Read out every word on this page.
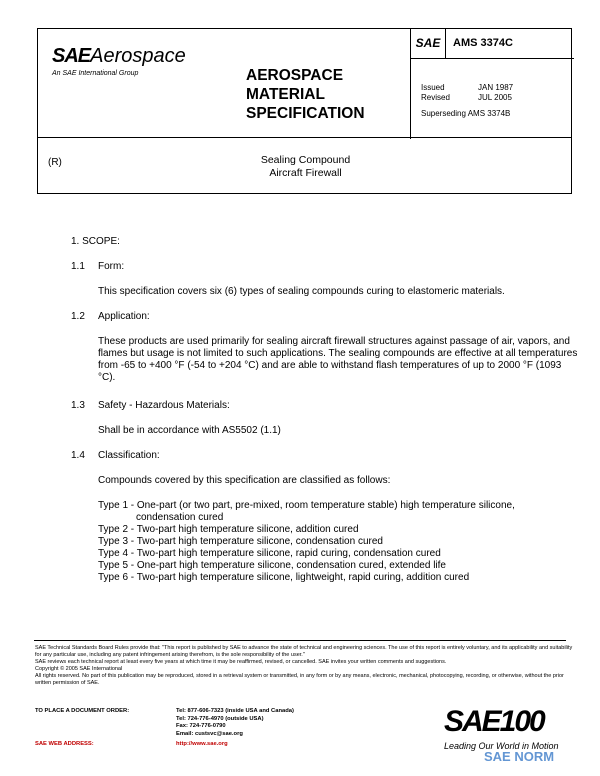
SAEAerospace
An SAE International Group	AEROSPACE MATERIAL SPECIFICATION
SAE	AMS 3374C
Issued	JAN 1987
Revised	JUL 2005
Superseding AMS 3374B
(R)	Sealing Compound
Aircraft Firewall
1. SCOPE:
1.1 Form:
This specification covers six (6) types of sealing compounds curing to elastomeric materials.
1.2 Application:
These products are used primarily for sealing aircraft firewall structures against passage of air, vapors, and flames but usage is not limited to such applications. The sealing compounds are effective at all temperatures from -65 to +400 °F (-54 to +204 °C) and are able to withstand flash temperatures of up to 2000 °F (1093 °C).
1.3 Safety - Hazardous Materials:
Shall be in accordance with AS5502 (1.1)
1.4 Classification:
Compounds covered by this specification are classified as follows:
Type 1 - One-part (or two part, pre-mixed, room temperature stable) high temperature silicone,
condensation cured
Type 2 - Two-part high temperature silicone, addition cured
Type 3 - Two-part high temperature silicone, condensation cured
Type 4 - Two-part high temperature silicone, rapid curing, condensation cured
Type 5 - One-part high temperature silicone, condensation cured, extended life
Type 6 - Two-part high temperature silicone, lightweight, rapid curing, addition cured
SAE Technical Standards Board Rules provide that: "This report is published by SAE to advance the state of technical and engineering sciences. The use of this report is entirely voluntary, and its applicability and suitability for any particular use, including any patent infringement arising therefrom, is the sole responsibility of the user."
SAE reviews each technical report at least every five years at which time it may be reaffirmed, revised, or cancelled. SAE invites your written comments and suggestions.
Copyright © 2005 SAE International
All rights reserved. No part of this publication may be reproduced, stored in a retrieval system or transmitted, in any form or by any means, electronic, mechanical, photocopying, recording, or otherwise, without the prior written permission of SAE.
TO PLACE A DOCUMENT ORDER:	Tel: 877-606-7323 (inside USA and Canada)
Tel: 724-776-4970 (outside USA)
Fax: 724-776-0790
Email: custsvc@sae.org
SAE WEB ADDRESS:	http://www.sae.org
SAE100
Leading Our World in Motion
SAE NORM
